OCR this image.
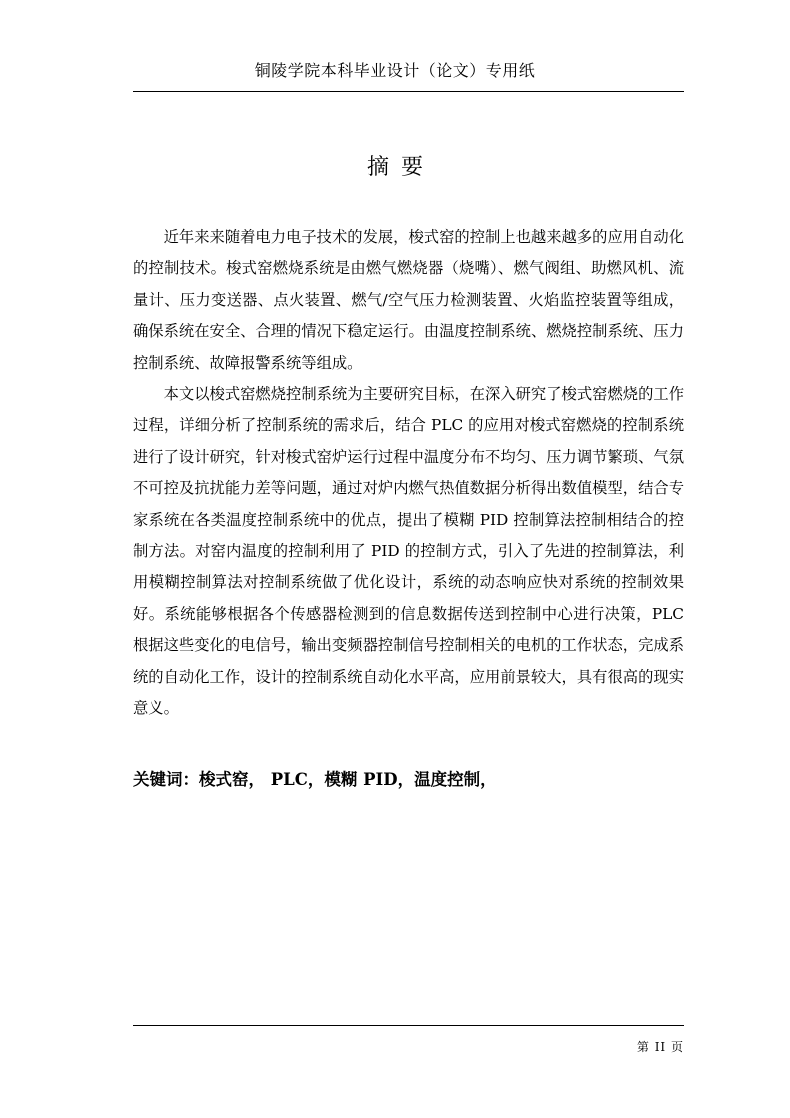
铜陵学院本科毕业设计（论文）专用纸
摘要

近年来来随着电力电子技术的发展，梭式窑的控制上也越来越多的应用自动化的控制技术。梭式窑燃烧系统是由燃气燃烧器（烧嘴）、燃气阀组、助燃风机、流量计、压力变送器、点火装置、燃气/空气压力检测装置、火焰监控装置等组成，确保系统在安全、合理的情况下稳定运行。由温度控制系统、燃烧控制系统、压力控制系统、故障报警系统等组成。

本文以梭式窑燃烧控制系统为主要研究目标，在深入研究了梭式窑燃烧的工作过程，详细分析了控制系统的需求后，结合 PLC 的应用对梭式窑燃烧的控制系统进行了设计研究，针对梭式窑炉运行过程中温度分布不均匀、压力调节繁琐、气氛不可控及抗扰能力差等问题，通过对炉内燃气热值数据分析得出数值模型，结合专家系统在各类温度控制系统中的优点，提出了模糊 PID 控制算法控制相结合的控制方法。对窑内温度的控制利用了 PID 的控制方式，引入了先进的控制算法，利用模糊控制算法对控制系统做了优化设计，系统的动态响应快对系统的控制效果好。系统能够根据各个传感器检测到的信息数据传送到控制中心进行决策，PLC 根据这些变化的电信号，输出变频器控制信号控制相关的电机的工作状态，完成系统的自动化工作，设计的控制系统自动化水平高，应用前景较大，具有很高的现实意义。

关键词：梭式窑， PLC，模糊 PID，温度控制，
第 II 页
